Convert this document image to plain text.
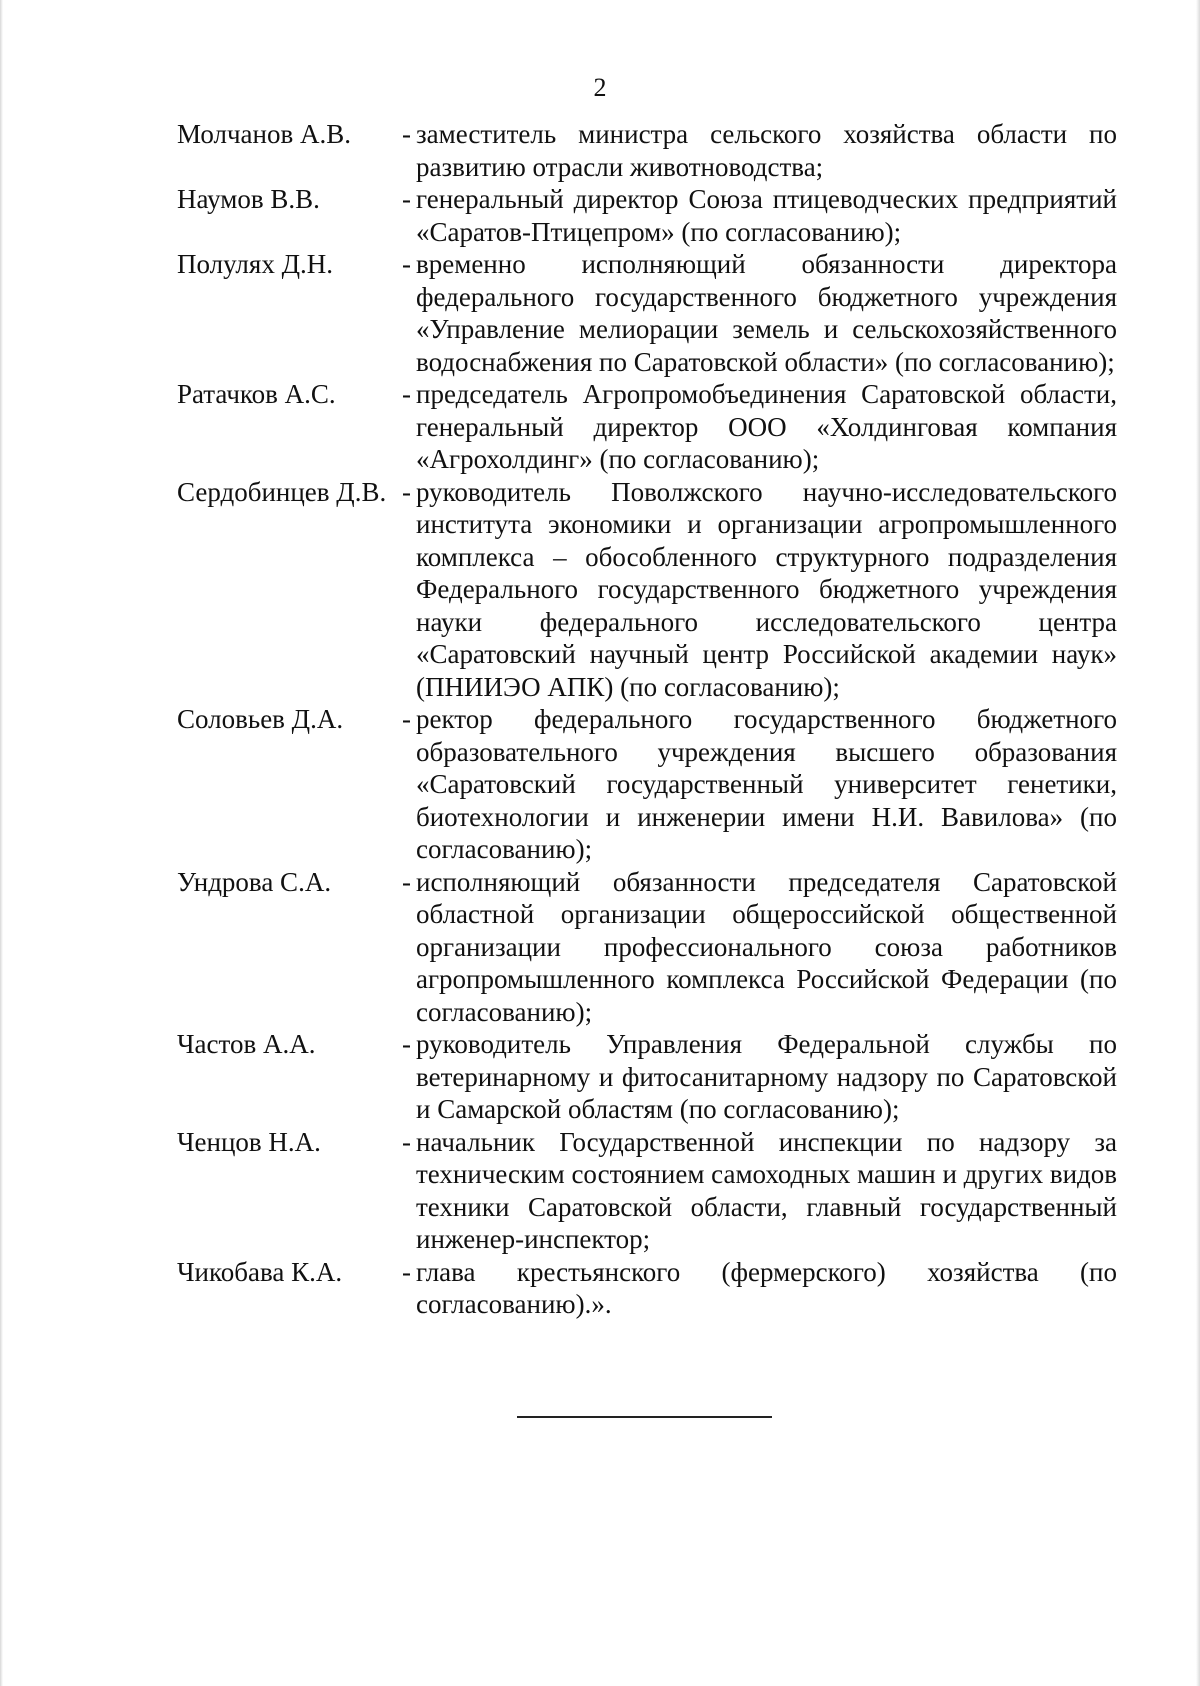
2
Молчанов А.В.	- заместитель министра сельского хозяйства области по развитию отрасли животноводства;
Наумов В.В.	- генеральный директор Союза птицеводческих предприятий «Саратов-Птицепром» (по согласованию);
Полулях Д.Н.	- временно исполняющий обязанности директора федерального государственного бюджетного учреждения «Управление мелиорации земель и сельскохозяйственного водоснабжения по Саратовской области» (по согласованию);
Ратачков А.С.	- председатель Агропромобъединения Саратовской области, генеральный директор ООО «Холдинговая компания «Агрохолдинг» (по согласованию);
Сердобинцев Д.В. - руководитель Поволжского научно-исследовательского института экономики и организации агропромышленного комплекса – обособленного структурного подразделения Федерального государственного бюджетного учреждения науки федерального исследовательского центра «Саратовский научный центр Российской академии наук» (ПНИИЭО АПК) (по согласованию);
Соловьев Д.А.	- ректор федерального государственного бюджетного образовательного учреждения высшего образования «Саратовский государственный университет генетики, биотехнологии и инженерии имени Н.И. Вавилова» (по согласованию);
Ундрова С.А.	- исполняющий обязанности председателя Саратовской областной организации общероссийской общественной организации профессионального союза работников агропромышленного комплекса Российской Федерации (по согласованию);
Частов А.А.	- руководитель Управления Федеральной службы по ветеринарному и фитосанитарному надзору по Саратовской и Самарской областям (по согласованию);
Ченцов Н.А.	- начальник Государственной инспекции по надзору за техническим состоянием самоходных машин и других видов техники Саратовской области, главный государственный инженер-инспектор;
Чикобава К.А.	- глава крестьянского (фермерского) хозяйства (по согласованию).».
